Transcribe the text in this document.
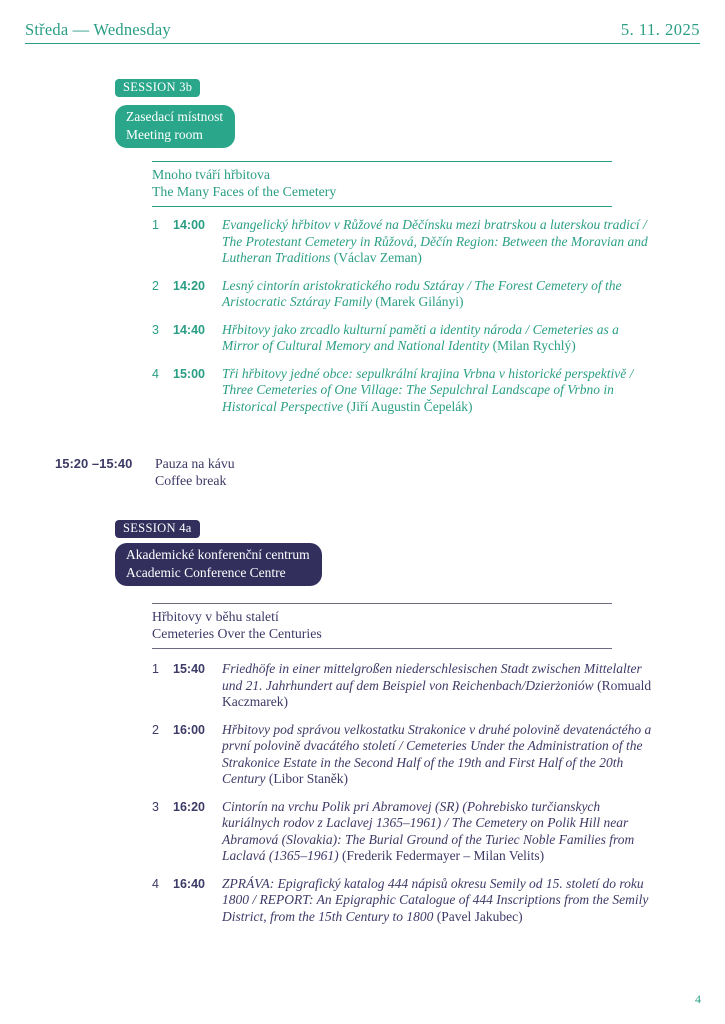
Středa — Wednesday	5. 11. 2025
SESSION 3b
Zasedací místnost
Meeting room
Mnoho tváří hřbitova
The Many Faces of the Cemetery
1	14:00	Evangelický hřbitov v Růžové na Děčínsku mezi bratrskou a luterskou tradicí / The Protestant Cemetery in Růžová, Děčín Region: Between the Moravian and Lutheran Traditions (Václav Zeman)
2	14:20	Lesný cintorín aristokratického rodu Sztáray / The Forest Cemetery of the Aristocratic Sztáray Family (Marek Gilányi)
3	14:40	Hřbitovy jako zrcadlo kulturní paměti a identity národa / Cemeteries as a Mirror of Cultural Memory and National Identity (Milan Rychlý)
4	15:00	Tři hřbitovy jedné obce: sepulkrální krajina Vrbna v historické perspektivě / Three Cemeteries of One Village: The Sepulchral Landscape of Vrbno in Historical Perspective (Jiří Augustin Čepelák)
15:20 –15:40	Pauza na kávu
Coffee break
SESSION 4a
Akademické konferenční centrum
Academic Conference Centre
Hřbitovy v běhu staletí
Cemeteries Over the Centuries
1	15:40	Friedhöfe in einer mittelgroßen niederschlesischen Stadt zwischen Mittelalter und 21. Jahrhundert auf dem Beispiel von Reichenbach/Dzierżoniów (Romuald Kaczmarek)
2	16:00	Hřbitovy pod správou velkostatku Strakonice v druhé polovině devatenáctého a první polovině dvacátého století / Cemeteries Under the Administration of the Strakonice Estate in the Second Half of the 19th and First Half of the 20th Century (Libor Staněk)
3	16:20	Cintorín na vrchu Polik pri Abramovej (SR) (Pohrebisko turčianskych kuriálnych rodov z Laclavej 1365–1961) / The Cemetery on Polik Hill near Abramová (Slovakia): The Burial Ground of the Turiec Noble Families from Laclavá (1365–1961) (Frederik Federmayer – Milan Velits)
4	16:40	ZPRÁVA: Epigrafický katalog 444 nápisů okresu Semily od 15. století do roku 1800 / REPORT: An Epigraphic Catalogue of 444 Inscriptions from the Semily District, from the 15th Century to 1800 (Pavel Jakubec)
4
